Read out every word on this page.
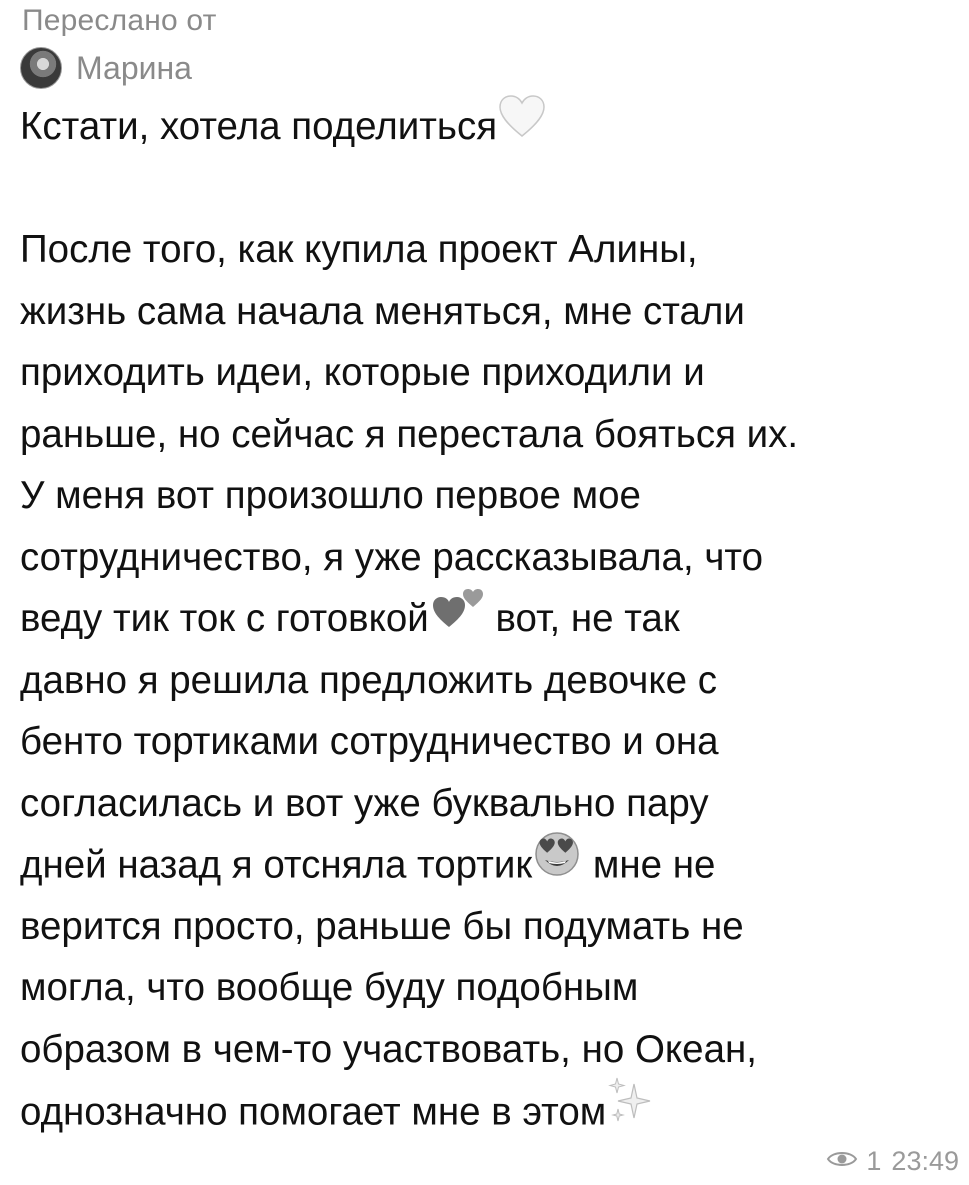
Переслано от
Марина
Кстати, хотела поделиться
После того, как купила проект Алины,
жизнь сама начала меняться, мне стали
приходить идеи, которые приходили и
раньше, но сейчас я перестала бояться их.
У меня вот произошло первое мое
сотрудничество, я уже рассказывала, что
веду тик ток с готовкой вот, не так
давно я решила предложить девочке с
бенто тортиками сотрудничество и она
согласилась и вот уже буквально пару
дней назад я отсняла тортик мне не
верится просто, раньше бы подумать не
могла, что вообще буду подобным
образом в чем-то участвовать, но Океан,
однозначно помогает мне в этом
1 23:49
